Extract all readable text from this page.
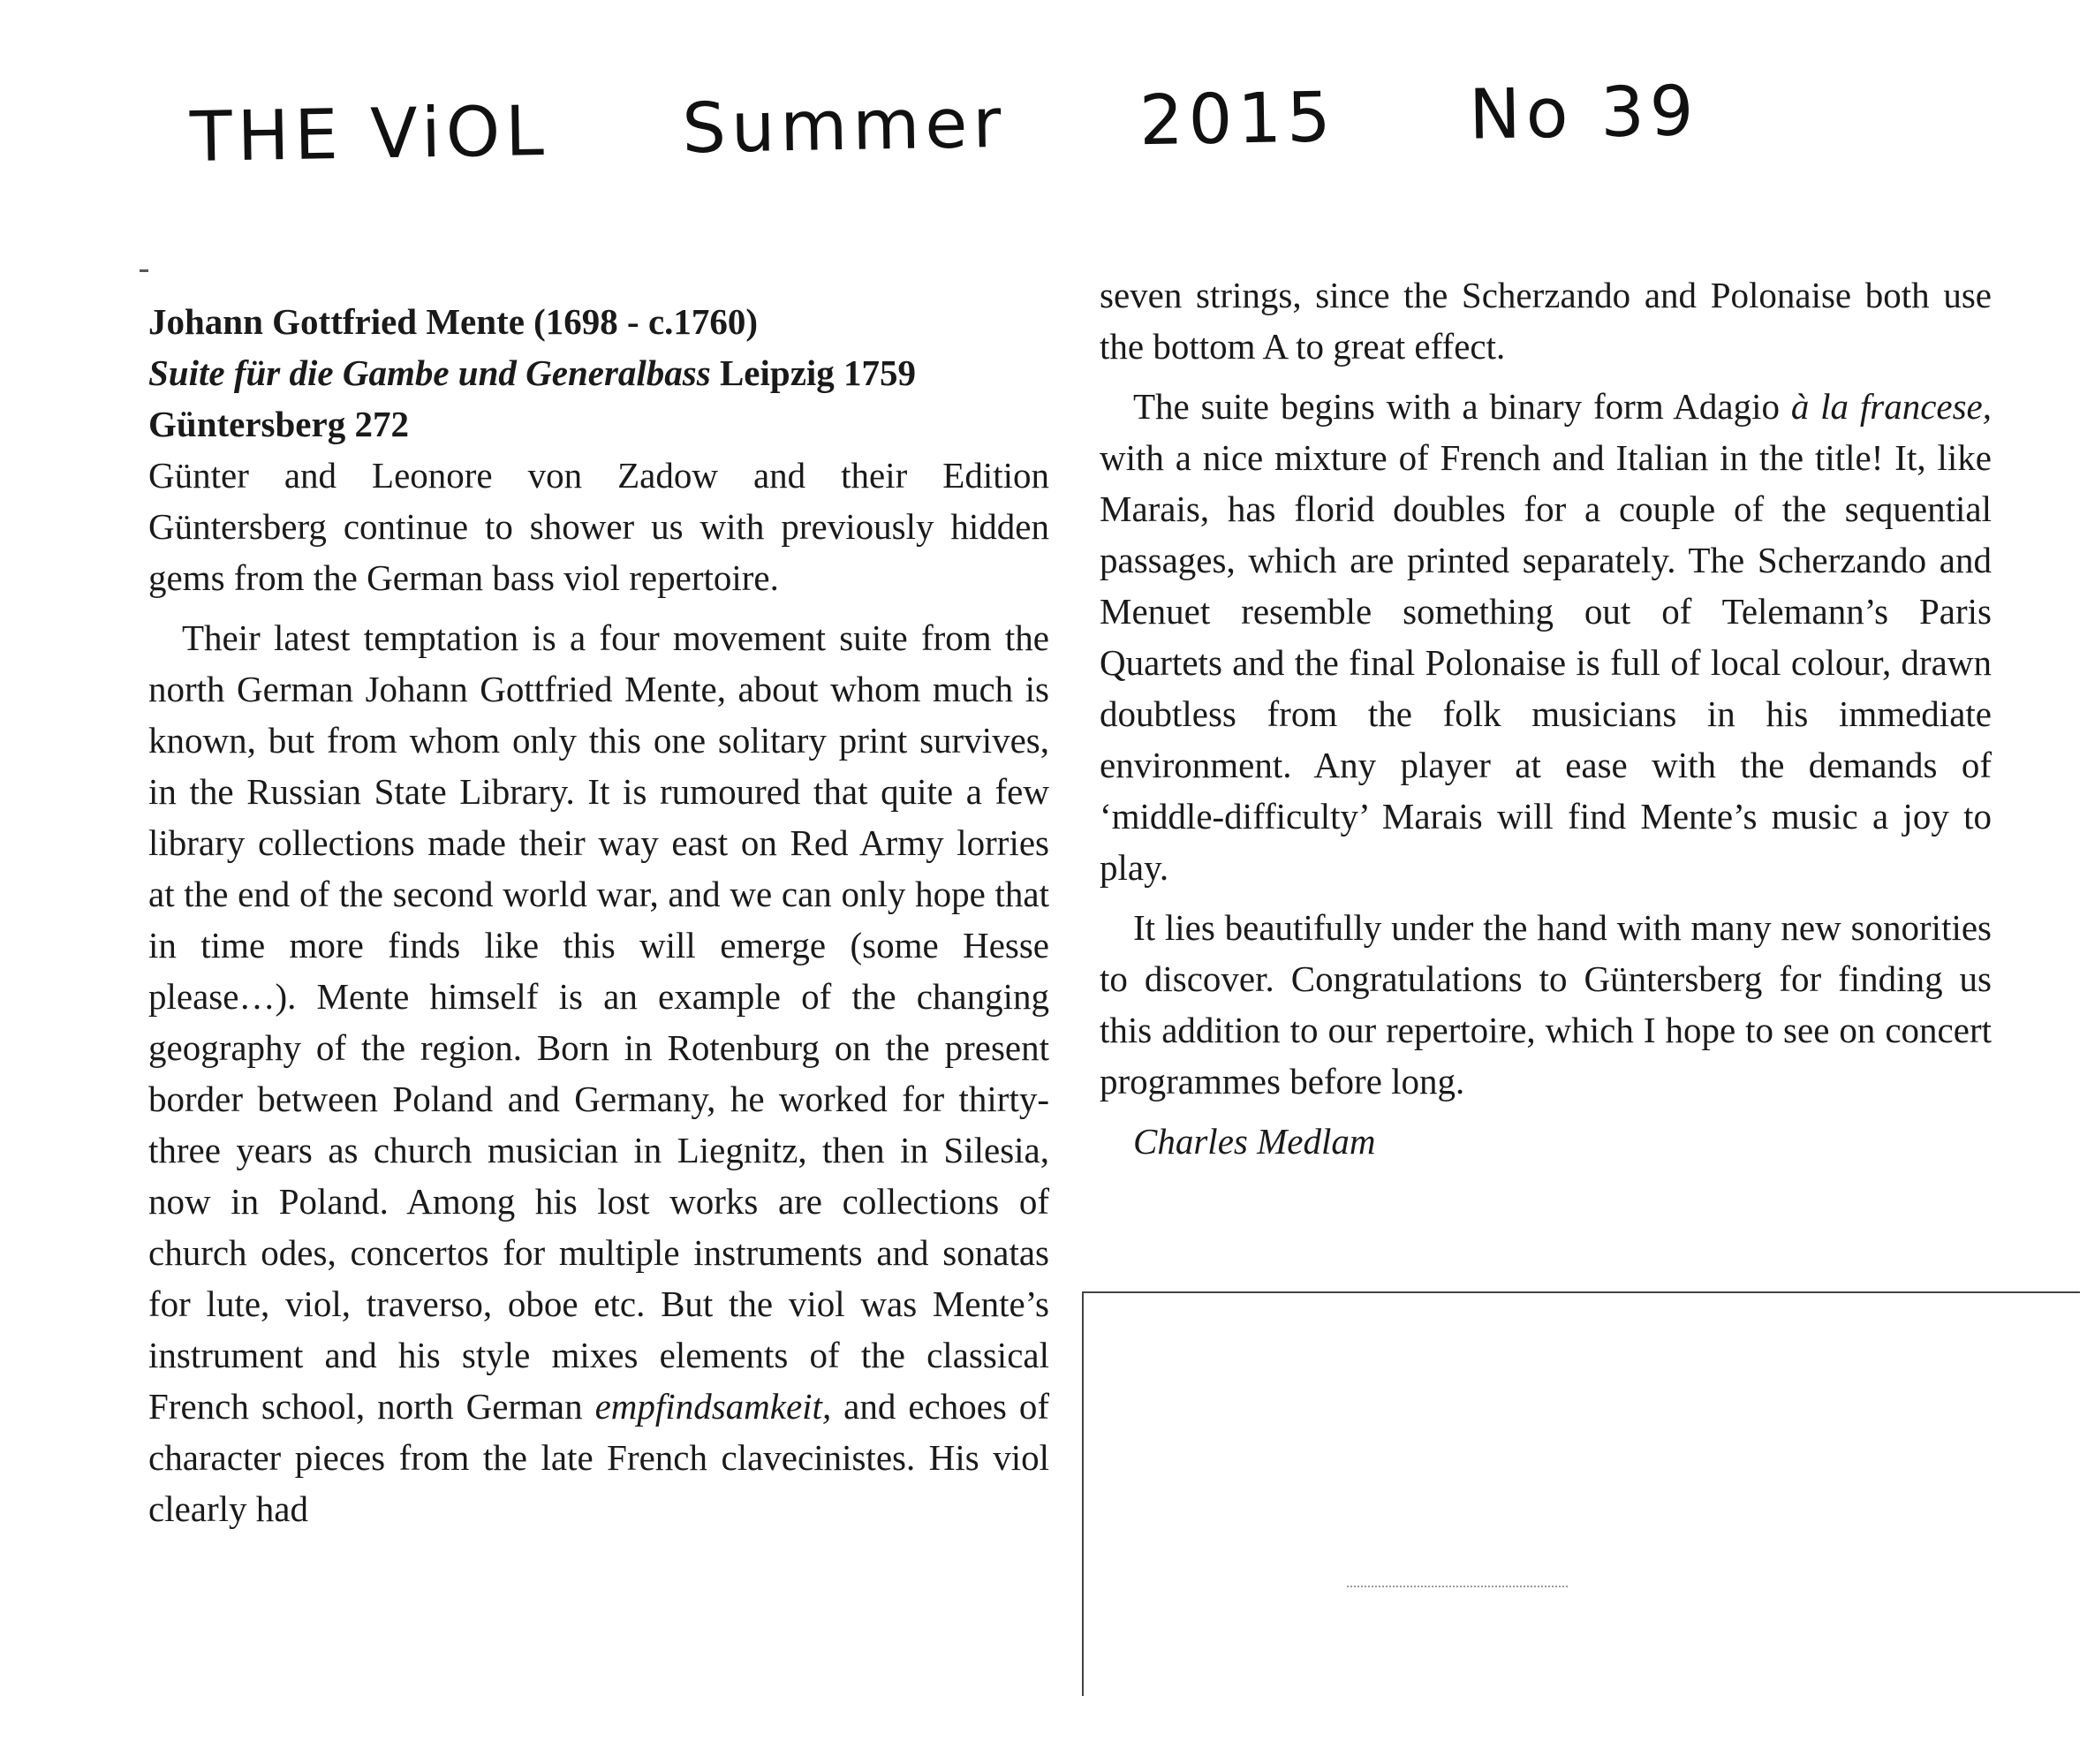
THE ViOL Summer 2015 No 39
Johann Gottfried Mente (1698 - c.1760)
Suite für die Gambe und Generalbass Leipzig 1759
Güntersberg 272

Günter and Leonore von Zadow and their Edition Güntersberg continue to shower us with previously hidden gems from the German bass viol repertoire.

Their latest temptation is a four movement suite from the north German Johann Gottfried Mente, about whom much is known, but from whom only this one solitary print survives, in the Russian State Library. It is rumoured that quite a few library collections made their way east on Red Army lorries at the end of the second world war, and we can only hope that in time more finds like this will emerge (some Hesse please…). Mente himself is an example of the changing geography of the region. Born in Rotenburg on the present border between Poland and Germany, he worked for thirty-three years as church musician in Liegnitz, then in Silesia, now in Poland. Among his lost works are collections of church odes, concertos for multiple instruments and sonatas for lute, viol, traverso, oboe etc. But the viol was Mente’s instrument and his style mixes elements of the classical French school, north German empfindsamkeit, and echoes of character pieces from the late French clavecinistes. His viol clearly had

seven strings, since the Scherzando and Polonaise both use the bottom A to great effect.

The suite begins with a binary form Adagio à la francese, with a nice mixture of French and Italian in the title! It, like Marais, has florid doubles for a couple of the sequential passages, which are printed separately. The Scherzando and Menuet resemble something out of Telemann’s Paris Quartets and the final Polonaise is full of local colour, drawn doubtless from the folk musicians in his immediate environment. Any player at ease with the demands of ‘middle-difficulty’ Marais will find Mente’s music a joy to play.

It lies beautifully under the hand with many new sonorities to discover. Congratulations to Güntersberg for finding us this addition to our repertoire, which I hope to see on concert programmes before long.

Charles Medlam
